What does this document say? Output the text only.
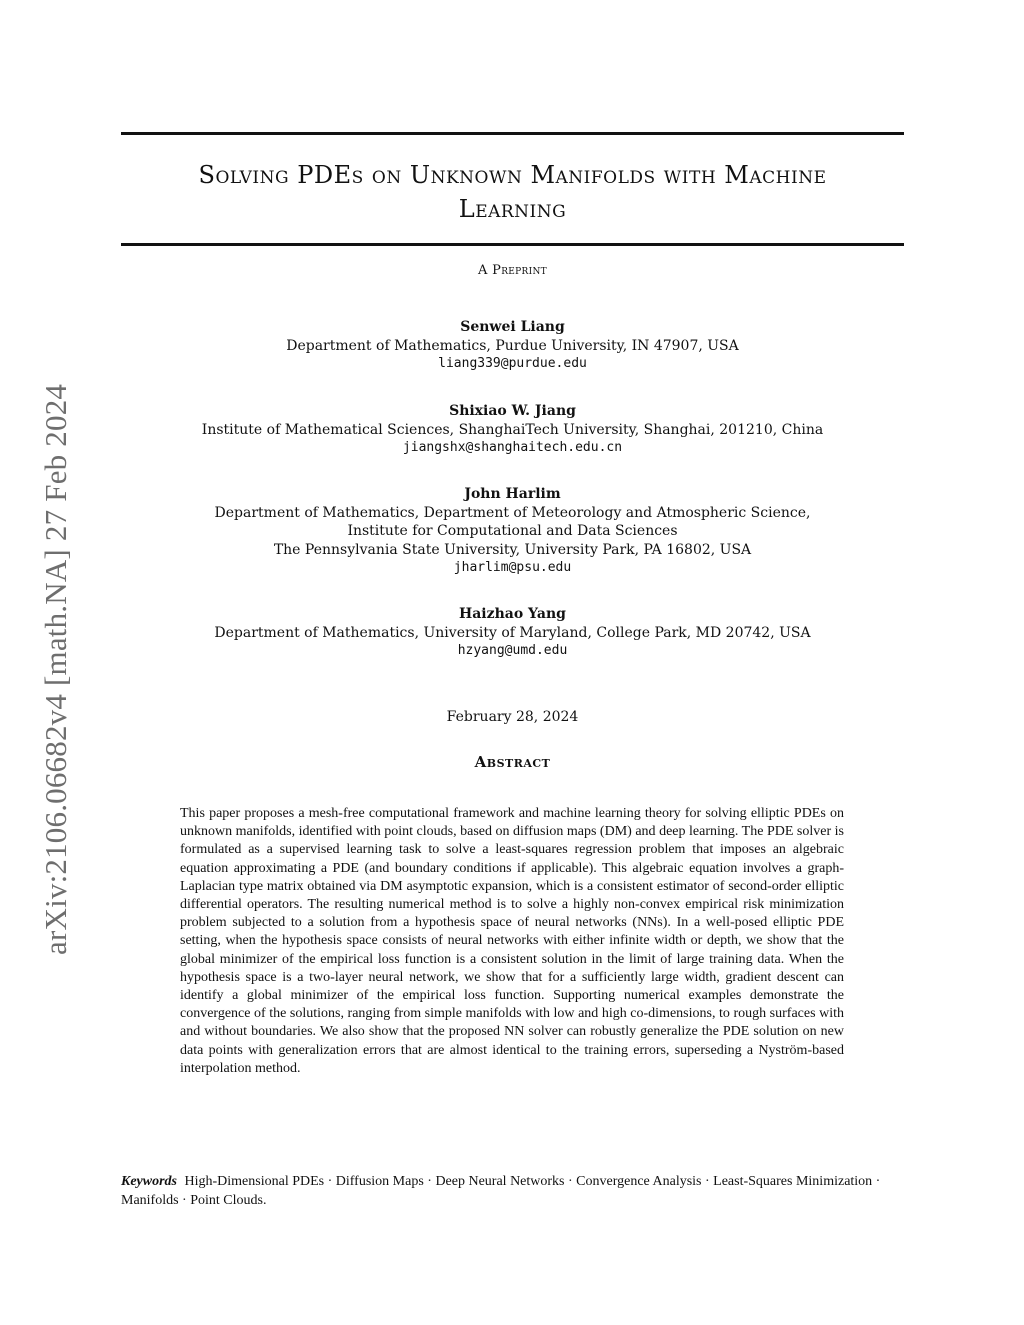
arXiv:2106.06682v4 [math.NA] 27 Feb 2024
Solving PDEs on Unknown Manifolds with Machine
Learning
A Preprint
Senwei Liang
Department of Mathematics, Purdue University, IN 47907, USA
liang339@purdue.edu
Shixiao W. Jiang
Institute of Mathematical Sciences, ShanghaiTech University, Shanghai, 201210, China
jiangshx@shanghaitech.edu.cn
John Harlim
Department of Mathematics, Department of Meteorology and Atmospheric Science,
Institute for Computational and Data Sciences
The Pennsylvania State University, University Park, PA 16802, USA
jharlim@psu.edu
Haizhao Yang
Department of Mathematics, University of Maryland, College Park, MD 20742, USA
hzyang@umd.edu
February 28, 2024
Abstract
This paper proposes a mesh-free computational framework and machine learning theory for solving elliptic PDEs on unknown manifolds, identified with point clouds, based on diffusion maps (DM) and deep learning. The PDE solver is formulated as a supervised learning task to solve a least-squares regression problem that imposes an algebraic equation approximating a PDE (and boundary conditions if applicable). This algebraic equation involves a graph-Laplacian type matrix obtained via DM asymptotic expansion, which is a consistent estimator of second-order elliptic differential operators. The resulting numerical method is to solve a highly non-convex empirical risk minimization problem subjected to a solution from a hypothesis space of neural networks (NNs). In a well-posed elliptic PDE setting, when the hypothesis space consists of neural networks with either infinite width or depth, we show that the global minimizer of the empirical loss function is a consistent solution in the limit of large training data. When the hypothesis space is a two-layer neural network, we show that for a sufficiently large width, gradient descent can identify a global minimizer of the empirical loss function. Supporting numerical examples demonstrate the convergence of the solutions, ranging from simple manifolds with low and high co-dimensions, to rough surfaces with and without boundaries. We also show that the proposed NN solver can robustly generalize the PDE solution on new data points with generalization errors that are almost identical to the training errors, superseding a Nyström-based interpolation method.
Keywords High-Dimensional PDEs · Diffusion Maps · Deep Neural Networks · Convergence Analysis · Least-Squares Minimization · Manifolds · Point Clouds.
